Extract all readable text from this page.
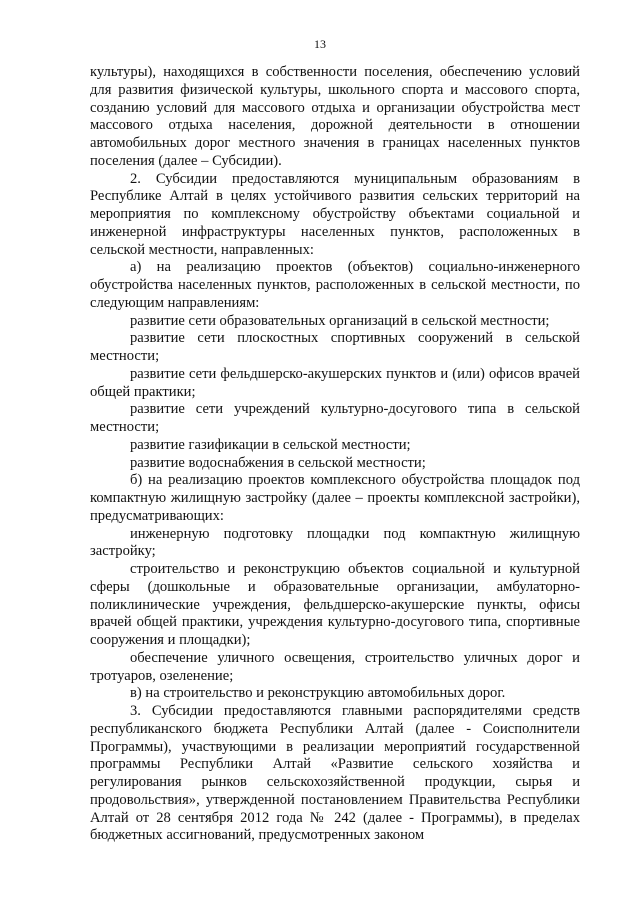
13

культуры), находящихся в собственности поселения, обеспечению условий для развития физической культуры, школьного спорта и массового спорта, созданию условий для массового отдыха и организации обустройства мест массового отдыха населения, дорожной деятельности в отношении автомобильных дорог местного значения в границах населенных пунктов поселения (далее – Субсидии).

2. Субсидии предоставляются муниципальным образованиям в Республике Алтай в целях устойчивого развития сельских территорий на мероприятия по комплексному обустройству объектами социальной и инженерной инфраструктуры населенных пунктов, расположенных в сельской местности, направленных:

а) на реализацию проектов (объектов) социально-инженерного обустройства населенных пунктов, расположенных в сельской местности, по следующим направлениям:

развитие сети образовательных организаций в сельской местности;

развитие сети плоскостных спортивных сооружений в сельской местности;

развитие сети фельдшерско-акушерских пунктов и (или) офисов врачей общей практики;

развитие сети учреждений культурно-досугового типа в сельской местности;

развитие газификации в сельской местности;

развитие водоснабжения в сельской местности;

б) на реализацию проектов комплексного обустройства площадок под компактную жилищную застройку (далее – проекты комплексной застройки), предусматривающих:

инженерную подготовку площадки под компактную жилищную застройку;

строительство и реконструкцию объектов социальной и культурной сферы (дошкольные и образовательные организации, амбулаторно-поликлинические учреждения, фельдшерско-акушерские пункты, офисы врачей общей практики, учреждения культурно-досугового типа, спортивные сооружения и площадки);

обеспечение уличного освещения, строительство уличных дорог и тротуаров, озеленение;

в) на строительство и реконструкцию автомобильных дорог.

3. Субсидии предоставляются главными распорядителями средств республиканского бюджета Республики Алтай (далее - Соисполнители Программы), участвующими в реализации мероприятий государственной программы Республики Алтай «Развитие сельского хозяйства и регулирования рынков сельскохозяйственной продукции, сырья и продовольствия», утвержденной постановлением Правительства Республики Алтай от 28 сентября 2012 года № 242 (далее - Программы), в пределах бюджетных ассигнований, предусмотренных законом
